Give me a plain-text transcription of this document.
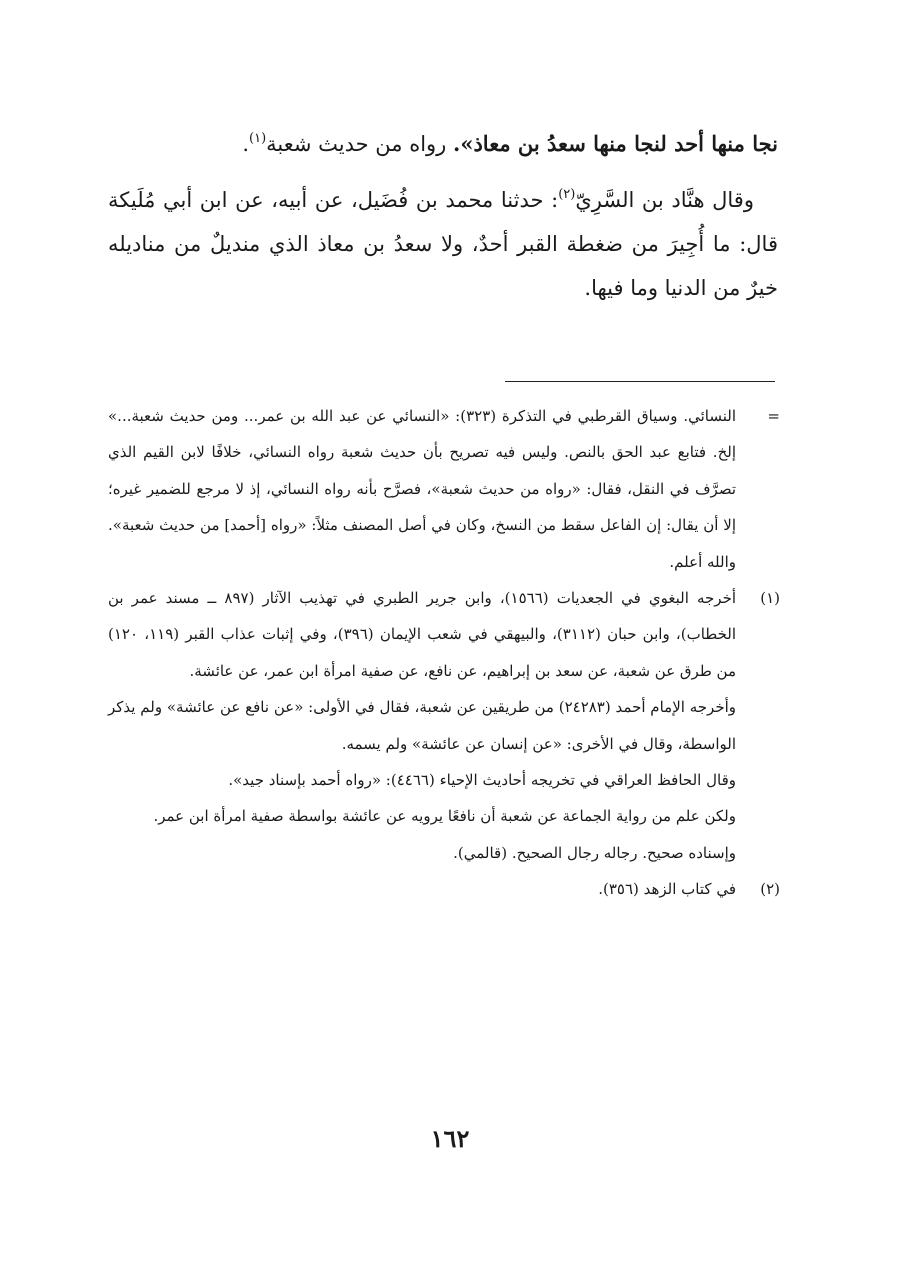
نجا منها أحد لنجا منها سعدُ بن معاذ». رواه من حديث شعبة$^{(١)}$.

وقال هنَّاد بن السَّرِيّ$^{(٢)}$: حدثنا محمد بن فُضَيل، عن أبيه، عن ابن أبي مُلَيكة قال: ما أُجِيرَ من ضغطة القبر أحدٌ، ولا سعدُ بن معاذ الذي منديلٌ من مناديله خيرٌ من الدنيا وما فيها.

=

النسائي. وسياق القرطبي في التذكرة (٣٢٣): «النسائي عن عبد الله بن عمر... ومن حديث شعبة...» إلخ. فتابع عبد الحق بالنص. وليس فيه تصريح بأن حديث شعبة رواه النسائي، خلافًا لابن القيم الذي تصرَّف في النقل، فقال: «رواه من حديث شعبة»، فصرَّح بأنه رواه النسائي، إذ لا مرجع للضمير غيره؛ إلا أن يقال: إن الفاعل سقط من النسخ، وكان في أصل المصنف مثلاً: «رواه [أحمد] من حديث شعبة». والله أعلم.

(١)

أخرجه البغوي في الجعديات (١٥٦٦)، وابن جرير الطبري في تهذيب الآثار (٨٩٧ ــ مسند عمر بن الخطاب)، وابن حبان (٣١١٢)، والبيهقي في شعب الإيمان (٣٩٦)، وفي إثبات عذاب القبر (١١٩، ١٢٠) من طرق عن شعبة، عن سعد بن إبراهيم، عن نافع، عن صفية امرأة ابن عمر، عن عائشة.

وأخرجه الإمام أحمد (٢٤٢٨٣) من طريقين عن شعبة، فقال في الأولى: «عن نافع عن عائشة» ولم يذكر الواسطة، وقال في الأخرى: «عن إنسان عن عائشة» ولم يسمه.

وقال الحافظ العراقي في تخريجه أحاديث الإحياء (٤٤٦٦): «رواه أحمد بإسناد جيد».

ولكن علم من رواية الجماعة عن شعبة أن نافعًا يرويه عن عائشة بواسطة صفية امرأة ابن عمر.

وإسناده صحيح. رجاله رجال الصحيح. (قالمي).

(٢)

في كتاب الزهد (٣٥٦).

١٦٢
